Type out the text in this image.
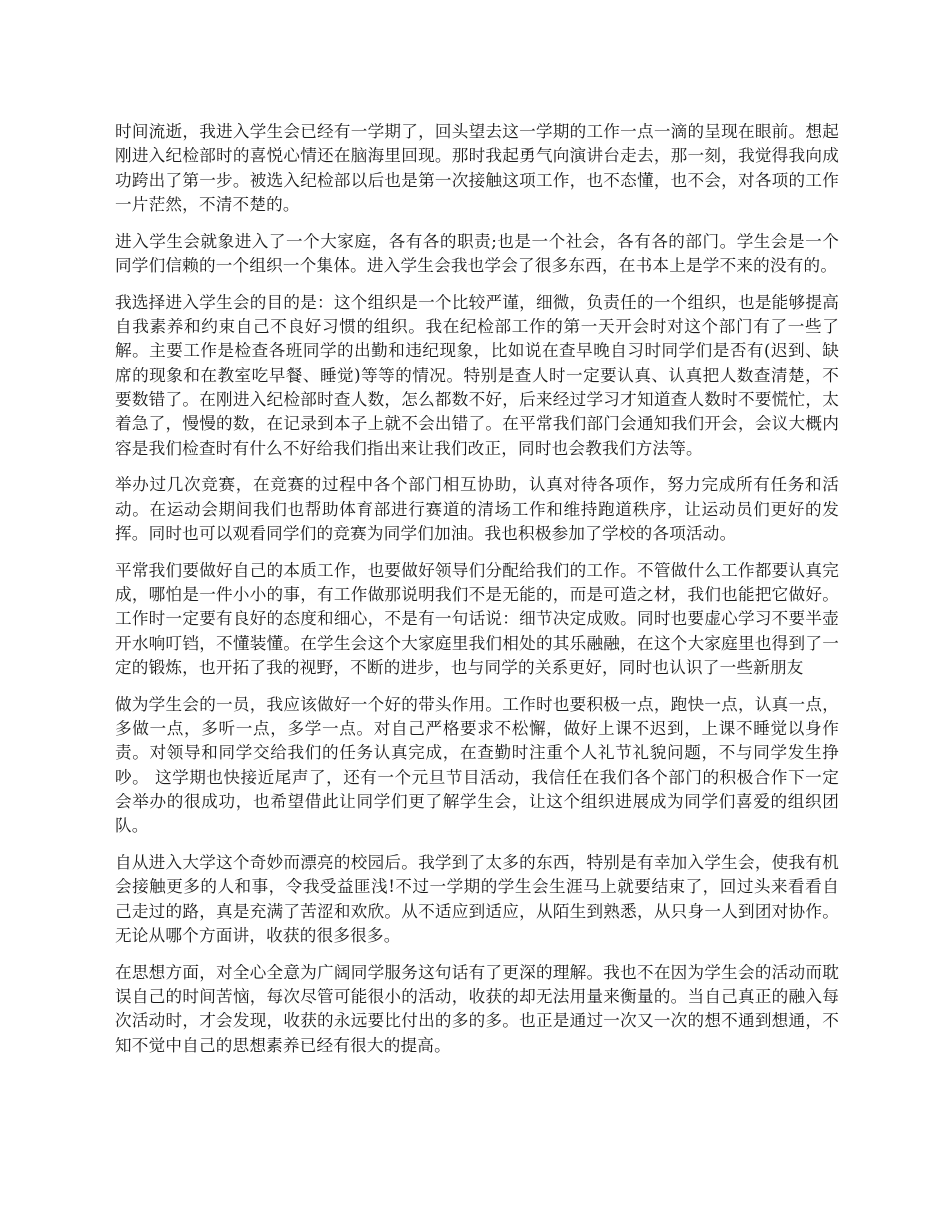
时间流逝，我进入学生会已经有一学期了，回头望去这一学期的工作一点一滴的呈现在眼前。想起刚进入纪检部时的喜悦心情还在脑海里回现。那时我起勇气向演讲台走去，那一刻，我觉得我向成功跨出了第一步。被选入纪检部以后也是第一次接触这项工作，也不态懂，也不会，对各项的工作一片茫然，不清不楚的。

进入学生会就象进入了一个大家庭，各有各的职责;也是一个社会，各有各的部门。学生会是一个同学们信赖的一个组织一个集体。进入学生会我也学会了很多东西，在书本上是学不来的没有的。

我选择进入学生会的目的是：这个组织是一个比较严谨，细微，负责任的一个组织，也是能够提高自我素养和约束自己不良好习惯的组织。我在纪检部工作的第一天开会时对这个部门有了一些了解。主要工作是检查各班同学的出勤和违纪现象，比如说在查早晚自习时同学们是否有(迟到、缺席的现象和在教室吃早餐、睡觉)等等的情况。特别是查人时一定要认真、认真把人数查清楚，不要数错了。在刚进入纪检部时查人数，怎么都数不好，后来经过学习才知道查人数时不要慌忙，太着急了，慢慢的数，在记录到本子上就不会出错了。在平常我们部门会通知我们开会，会议大概内容是我们检查时有什么不好给我们指出来让我们改正，同时也会教我们方法等。

举办过几次竞赛，在竞赛的过程中各个部门相互协助，认真对待各项作，努力完成所有任务和活动。在运动会期间我们也帮助体育部进行赛道的清场工作和维持跑道秩序，让运动员们更好的发挥。同时也可以观看同学们的竞赛为同学们加油。我也积极参加了学校的各项活动。

平常我们要做好自己的本质工作，也要做好领导们分配给我们的工作。不管做什么工作都要认真完成，哪怕是一件小小的事，有工作做那说明我们不是无能的，而是可造之材，我们也能把它做好。工作时一定要有良好的态度和细心，不是有一句话说：细节决定成败。同时也要虚心学习不要半壶开水响叮铛，不懂装懂。在学生会这个大家庭里我们相处的其乐融融，在这个大家庭里也得到了一定的锻炼，也开拓了我的视野，不断的进步，也与同学的关系更好，同时也认识了一些新朋友

做为学生会的一员，我应该做好一个好的带头作用。工作时也要积极一点，跑快一点，认真一点，多做一点，多听一点，多学一点。对自己严格要求不松懈，做好上课不迟到，上课不睡觉以身作责。对领导和同学交给我们的任务认真完成，在查勤时注重个人礼节礼貌问题，不与同学发生挣吵。 这学期也快接近尾声了，还有一个元旦节目活动，我信任在我们各个部门的积极合作下一定会举办的很成功，也希望借此让同学们更了解学生会，让这个组织进展成为同学们喜爱的组织团队。

自从进入大学这个奇妙而漂亮的校园后。我学到了太多的东西，特别是有幸加入学生会，使我有机会接触更多的人和事，令我受益匪浅!不过一学期的学生会生涯马上就要结束了，回过头来看看自己走过的路，真是充满了苦涩和欢欣。从不适应到适应，从陌生到熟悉，从只身一人到团对协作。无论从哪个方面讲，收获的很多很多。

在思想方面，对全心全意为广阔同学服务这句话有了更深的理解。我也不在因为学生会的活动而耽误自己的时间苦恼，每次尽管可能很小的活动，收获的却无法用量来衡量的。当自己真正的融入每次活动时，才会发现，收获的永远要比付出的多的多。也正是通过一次又一次的想不通到想通，不知不觉中自己的思想素养已经有很大的提高。
